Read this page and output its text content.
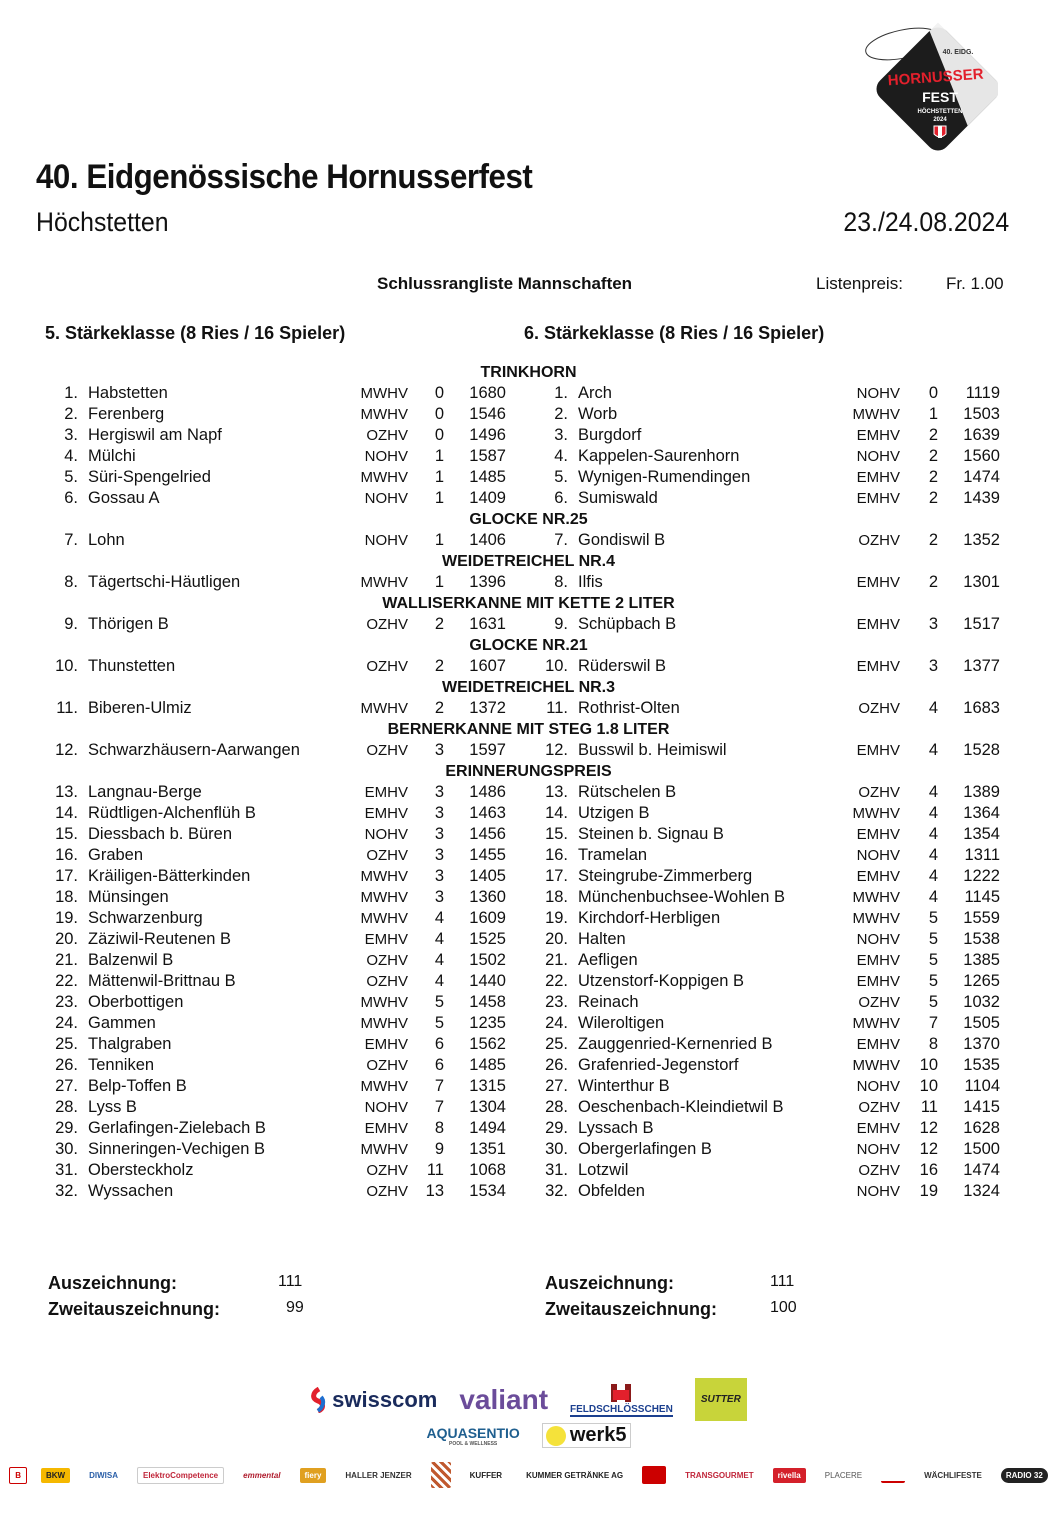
40. EIDG.
HORNUSSER
FEST
HÖCHSTETTEN
2024
40. Eidgenössische Hornusserfest
Höchstetten	23./24.08.2024
Schlussrangliste Mannschaften	Listenpreis:	Fr. 1.00
5. Stärkeklasse (8 Ries / 16 Spieler)	6. Stärkeklasse (8 Ries / 16 Spieler)
TRINKHORN
1. Habstetten	MWHV	0	1680	1. Arch	NOHV	0	1119
2. Ferenberg	MWHV	0	1546	2. Worb	MWHV	1	1503
3. Hergiswil am Napf	OZHV	0	1496	3. Burgdorf	EMHV	2	1639
4. Mülchi	NOHV	1	1587	4. Kappelen-Saurenhorn	NOHV	2	1560
5. Süri-Spengelried	MWHV	1	1485	5. Wynigen-Rumendingen	EMHV	2	1474
6. Gossau A	NOHV	1	1409	6. Sumiswald	EMHV	2	1439
GLOCKE NR.25
7. Lohn	NOHV	1	1406	7. Gondiswil B	OZHV	2	1352
WEIDETREICHEL NR.4
8. Tägertschi-Häutligen	MWHV	1	1396	8. Ilfis	EMHV	2	1301
WALLISERKANNE MIT KETTE 2 LITER
9. Thörigen B	OZHV	2	1631	9. Schüpbach B	EMHV	3	1517
GLOCKE NR.21
10. Thunstetten	OZHV	2	1607	10. Rüderswil B	EMHV	3	1377
WEIDETREICHEL NR.3
11. Biberen-Ulmiz	MWHV	2	1372	11. Rothrist-Olten	OZHV	4	1683
BERNERKANNE MIT STEG 1.8 LITER
12. Schwarzhäusern-Aarwangen	OZHV	3	1597	12. Busswil b. Heimiswil	EMHV	4	1528
ERINNERUNGSPREIS
13. Langnau-Berge	EMHV	3	1486	13. Rütschelen B	OZHV	4	1389
14. Rüdtligen-Alchenflüh B	EMHV	3	1463	14. Utzigen B	MWHV	4	1364
15. Diessbach b. Büren	NOHV	3	1456	15. Steinen b. Signau B	EMHV	4	1354
16. Graben	OZHV	3	1455	16. Tramelan	NOHV	4	1311
17. Kräiligen-Bätterkinden	MWHV	3	1405	17. Steingrube-Zimmerberg	EMHV	4	1222
18. Münsingen	MWHV	3	1360	18. Münchenbuchsee-Wohlen B	MWHV	4	1145
19. Schwarzenburg	MWHV	4	1609	19. Kirchdorf-Herbligen	MWHV	5	1559
20. Zäziwil-Reutenen B	EMHV	4	1525	20. Halten	NOHV	5	1538
21. Balzenwil B	OZHV	4	1502	21. Aefligen	EMHV	5	1385
22. Mättenwil-Brittnau B	OZHV	4	1440	22. Utzenstorf-Koppigen B	EMHV	5	1265
23. Oberbottigen	MWHV	5	1458	23. Reinach	OZHV	5	1032
24. Gammen	MWHV	5	1235	24. Wileroltigen	MWHV	7	1505
25. Thalgraben	EMHV	6	1562	25. Zauggenried-Kernenried B	EMHV	8	1370
26. Tenniken	OZHV	6	1485	26. Grafenried-Jegenstorf	MWHV	10	1535
27. Belp-Toffen B	MWHV	7	1315	27. Winterthur B	NOHV	10	1104
28. Lyss B	NOHV	7	1304	28. Oeschenbach-Kleindietwil B	OZHV	11	1415
29. Gerlafingen-Zielebach B	EMHV	8	1494	29. Lyssach B	EMHV	12	1628
30. Sinneringen-Vechigen B	MWHV	9	1351	30. Obergerlafingen B	NOHV	12	1500
31. Obersteckholz	OZHV	11	1068	31. Lotzwil	OZHV	16	1474
32. Wyssachen	OZHV	13	1534	32. Obfelden	NOHV	19	1324
Auszeichnung:	111
Zweitauszeichnung:	99
Auszeichnung:	111
Zweitauszeichnung:	100
swisscom valiant FELDSCHLÖSSCHEN
SUTTER
AQUASENTIO
POOL & WELLNESS	werk5
B	BKW	DIWISA	ElektroCompetence	emmental	fiery	HALLER JENZER	KUFFER	KUMMER GETRÄNKE AG	TRANSGOURMET	rivella	PLACERE	WÄCHLIFESTE	RADIO 32
